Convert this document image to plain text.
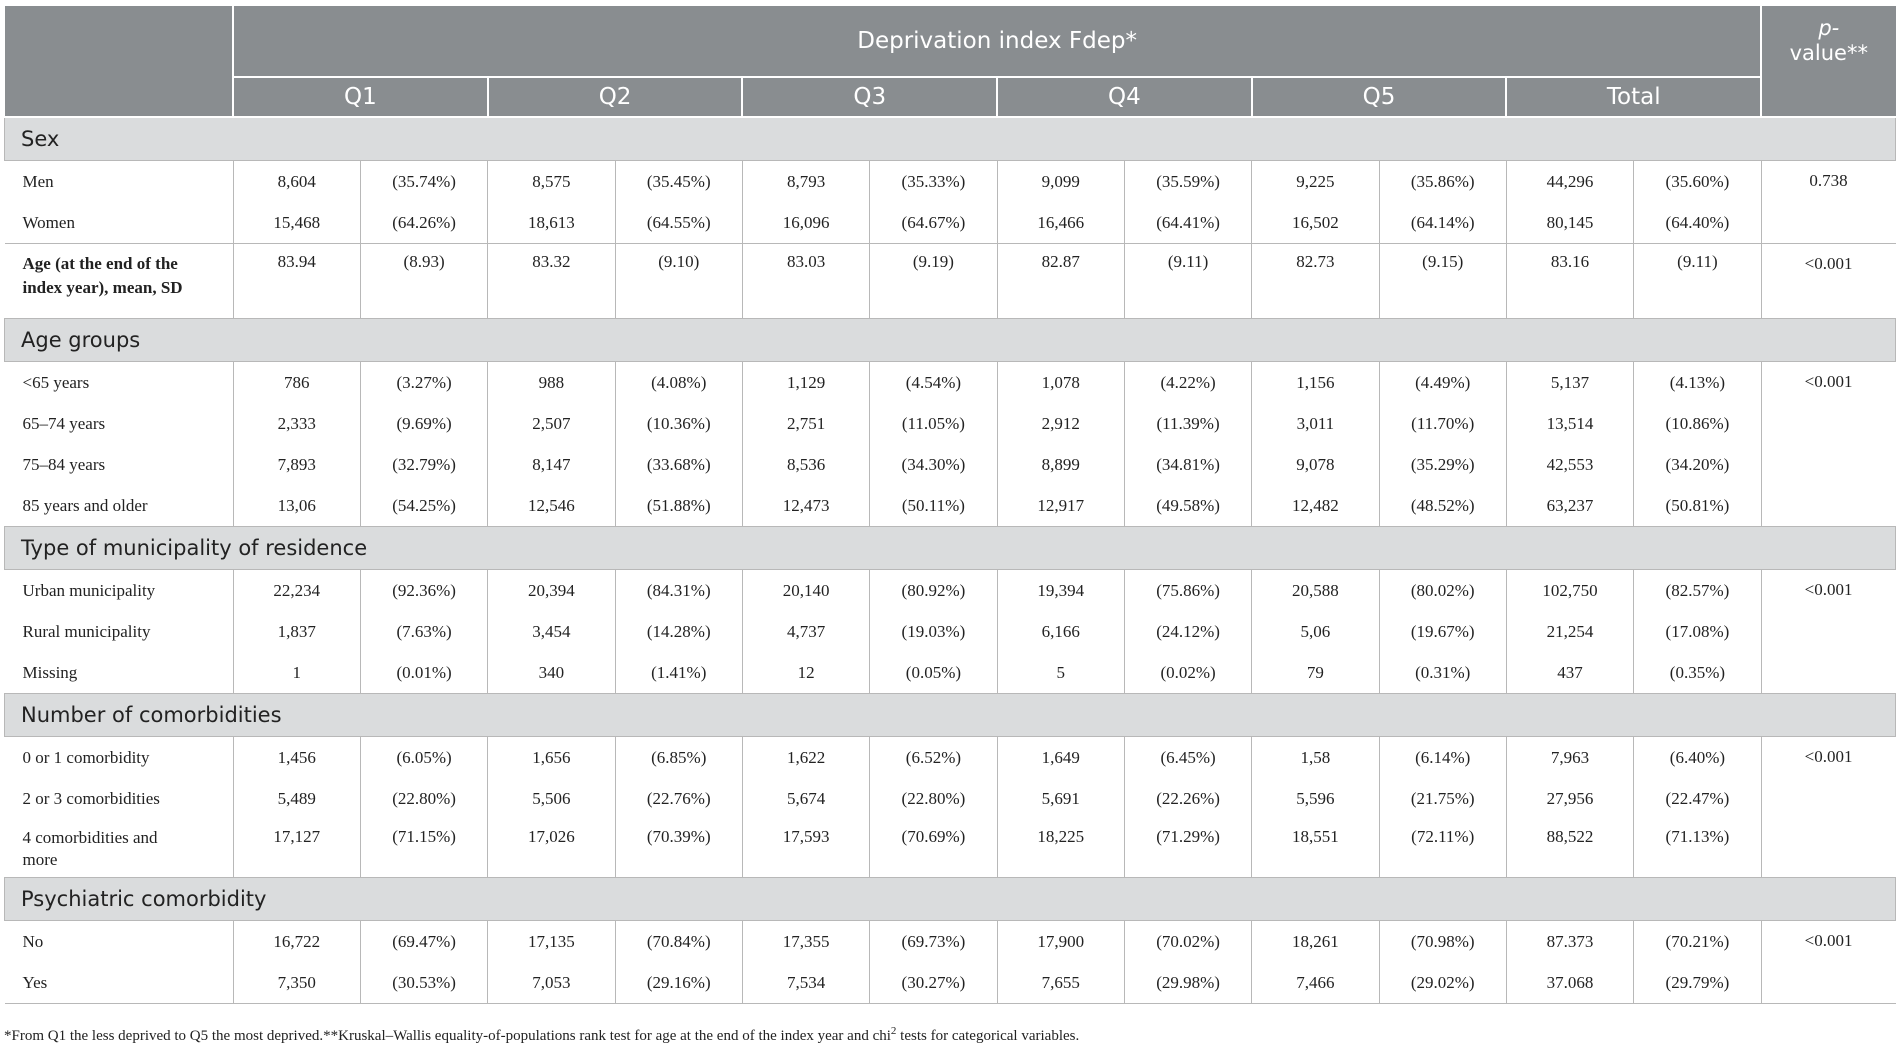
	Deprivation index Fdep*												p-
value**
	Q1		Q2		Q3		Q4		Q5		Total		
Sex													
Men	8,604	(35.74%)	8,575	(35.45%)	8,793	(35.33%)	9,099	(35.59%)	9,225	(35.86%)	44,296	(35.60%)	0.738
Women	15,468	(64.26%)	18,613	(64.55%)	16,096	(64.67%)	16,466	(64.41%)	16,502	(64.14%)	80,145	(64.40%)	
Age (at the end of the
index year), mean, SD	83.94	(8.93)	83.32	(9.10)	83.03	(9.19)	82.87	(9.11)	82.73	(9.15)	83.16	(9.11)	<0.001
Age groups													
<65 years	786	(3.27%)	988	(4.08%)	1,129	(4.54%)	1,078	(4.22%)	1,156	(4.49%)	5,137	(4.13%)	<0.001
65–74 years	2,333	(9.69%)	2,507	(10.36%)	2,751	(11.05%)	2,912	(11.39%)	3,011	(11.70%)	13,514	(10.86%)	
75–84 years	7,893	(32.79%)	8,147	(33.68%)	8,536	(34.30%)	8,899	(34.81%)	9,078	(35.29%)	42,553	(34.20%)	
85 years and older	13,06	(54.25%)	12,546	(51.88%)	12,473	(50.11%)	12,917	(49.58%)	12,482	(48.52%)	63,237	(50.81%)	
Type of municipality of residence													
Urban municipality	22,234	(92.36%)	20,394	(84.31%)	20,140	(80.92%)	19,394	(75.86%)	20,588	(80.02%)	102,750	(82.57%)	<0.001
Rural municipality	1,837	(7.63%)	3,454	(14.28%)	4,737	(19.03%)	6,166	(24.12%)	5,06	(19.67%)	21,254	(17.08%)	
Missing	1	(0.01%)	340	(1.41%)	12	(0.05%)	5	(0.02%)	79	(0.31%)	437	(0.35%)	
Number of comorbidities													
0 or 1 comorbidity	1,456	(6.05%)	1,656	(6.85%)	1,622	(6.52%)	1,649	(6.45%)	1,58	(6.14%)	7,963	(6.40%)	<0.001
2 or 3 comorbidities	5,489	(22.80%)	5,506	(22.76%)	5,674	(22.80%)	5,691	(22.26%)	5,596	(21.75%)	27,956	(22.47%)	
4 comorbidities and
more	17,127	(71.15%)	17,026	(70.39%)	17,593	(70.69%)	18,225	(71.29%)	18,551	(72.11%)	88,522	(71.13%)	
Psychiatric comorbidity													
No	16,722	(69.47%)	17,135	(70.84%)	17,355	(69.73%)	17,900	(70.02%)	18,261	(70.98%)	87.373	(70.21%)	<0.001
Yes	7,350	(30.53%)	7,053	(29.16%)	7,534	(30.27%)	7,655	(29.98%)	7,466	(29.02%)	37.068	(29.79%)	
*From Q1 the less deprived to Q5 the most deprived.**Kruskal–Wallis equality-of-populations rank test for age at the end of the index year and chi$^2$ tests for categorical variables.
